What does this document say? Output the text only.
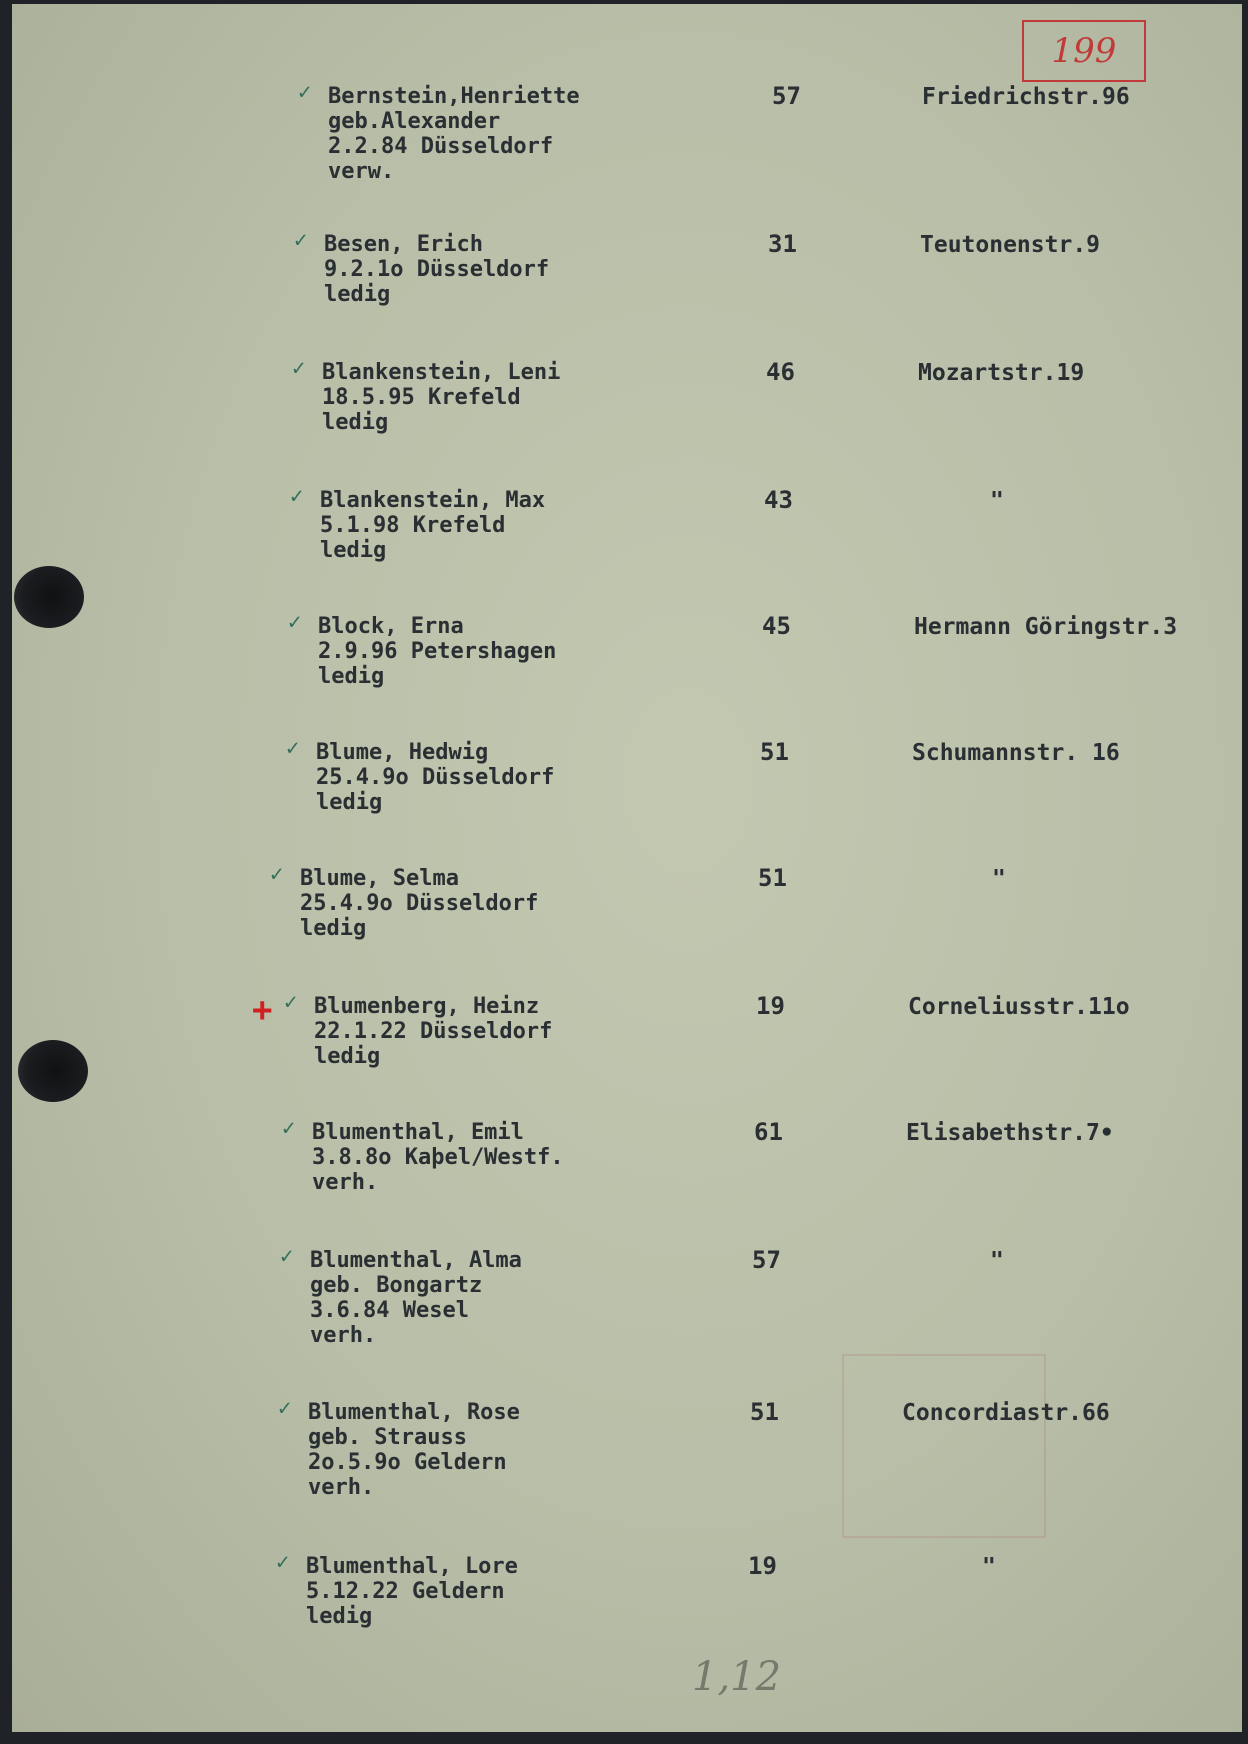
199
✓ Bernstein,Henriette
geb.Alexander
2.2.84 Düsseldorf
verw.
57	Friedrichstr.96
✓ Besen, Erich
9.2.1o Düsseldorf
ledig
31	Teutonenstr.9
✓ Blankenstein, Leni
18.5.95 Krefeld
ledig
46	Mozartstr.19
✓ Blankenstein, Max
5.1.98 Krefeld
ledig
43	"
✓ Block, Erna
2.9.96 Petershagen
ledig
45	Hermann Göringstr.3
✓ Blume, Hedwig
25.4.9o Düsseldorf
ledig
51	Schumannstr. 16
✓ Blume, Selma
25.4.9o Düsseldorf
ledig
51	"
✓ Blumenberg, Heinz
22.1.22 Düsseldorf
ledig
19	Corneliusstr.11o
+
✓ Blumenthal, Emil
3.8.8o Kaþel/Westf.
verh.
61	Elisabethstr.7•
✓ Blumenthal, Alma
geb. Bongartz
3.6.84 Wesel
verh.
57	"
✓ Blumenthal, Rose
geb. Strauss
2o.5.9o Geldern
verh.
51	Concordiastr.66
✓ Blumenthal, Lore
5.12.22 Geldern
ledig
19	"
1,12
